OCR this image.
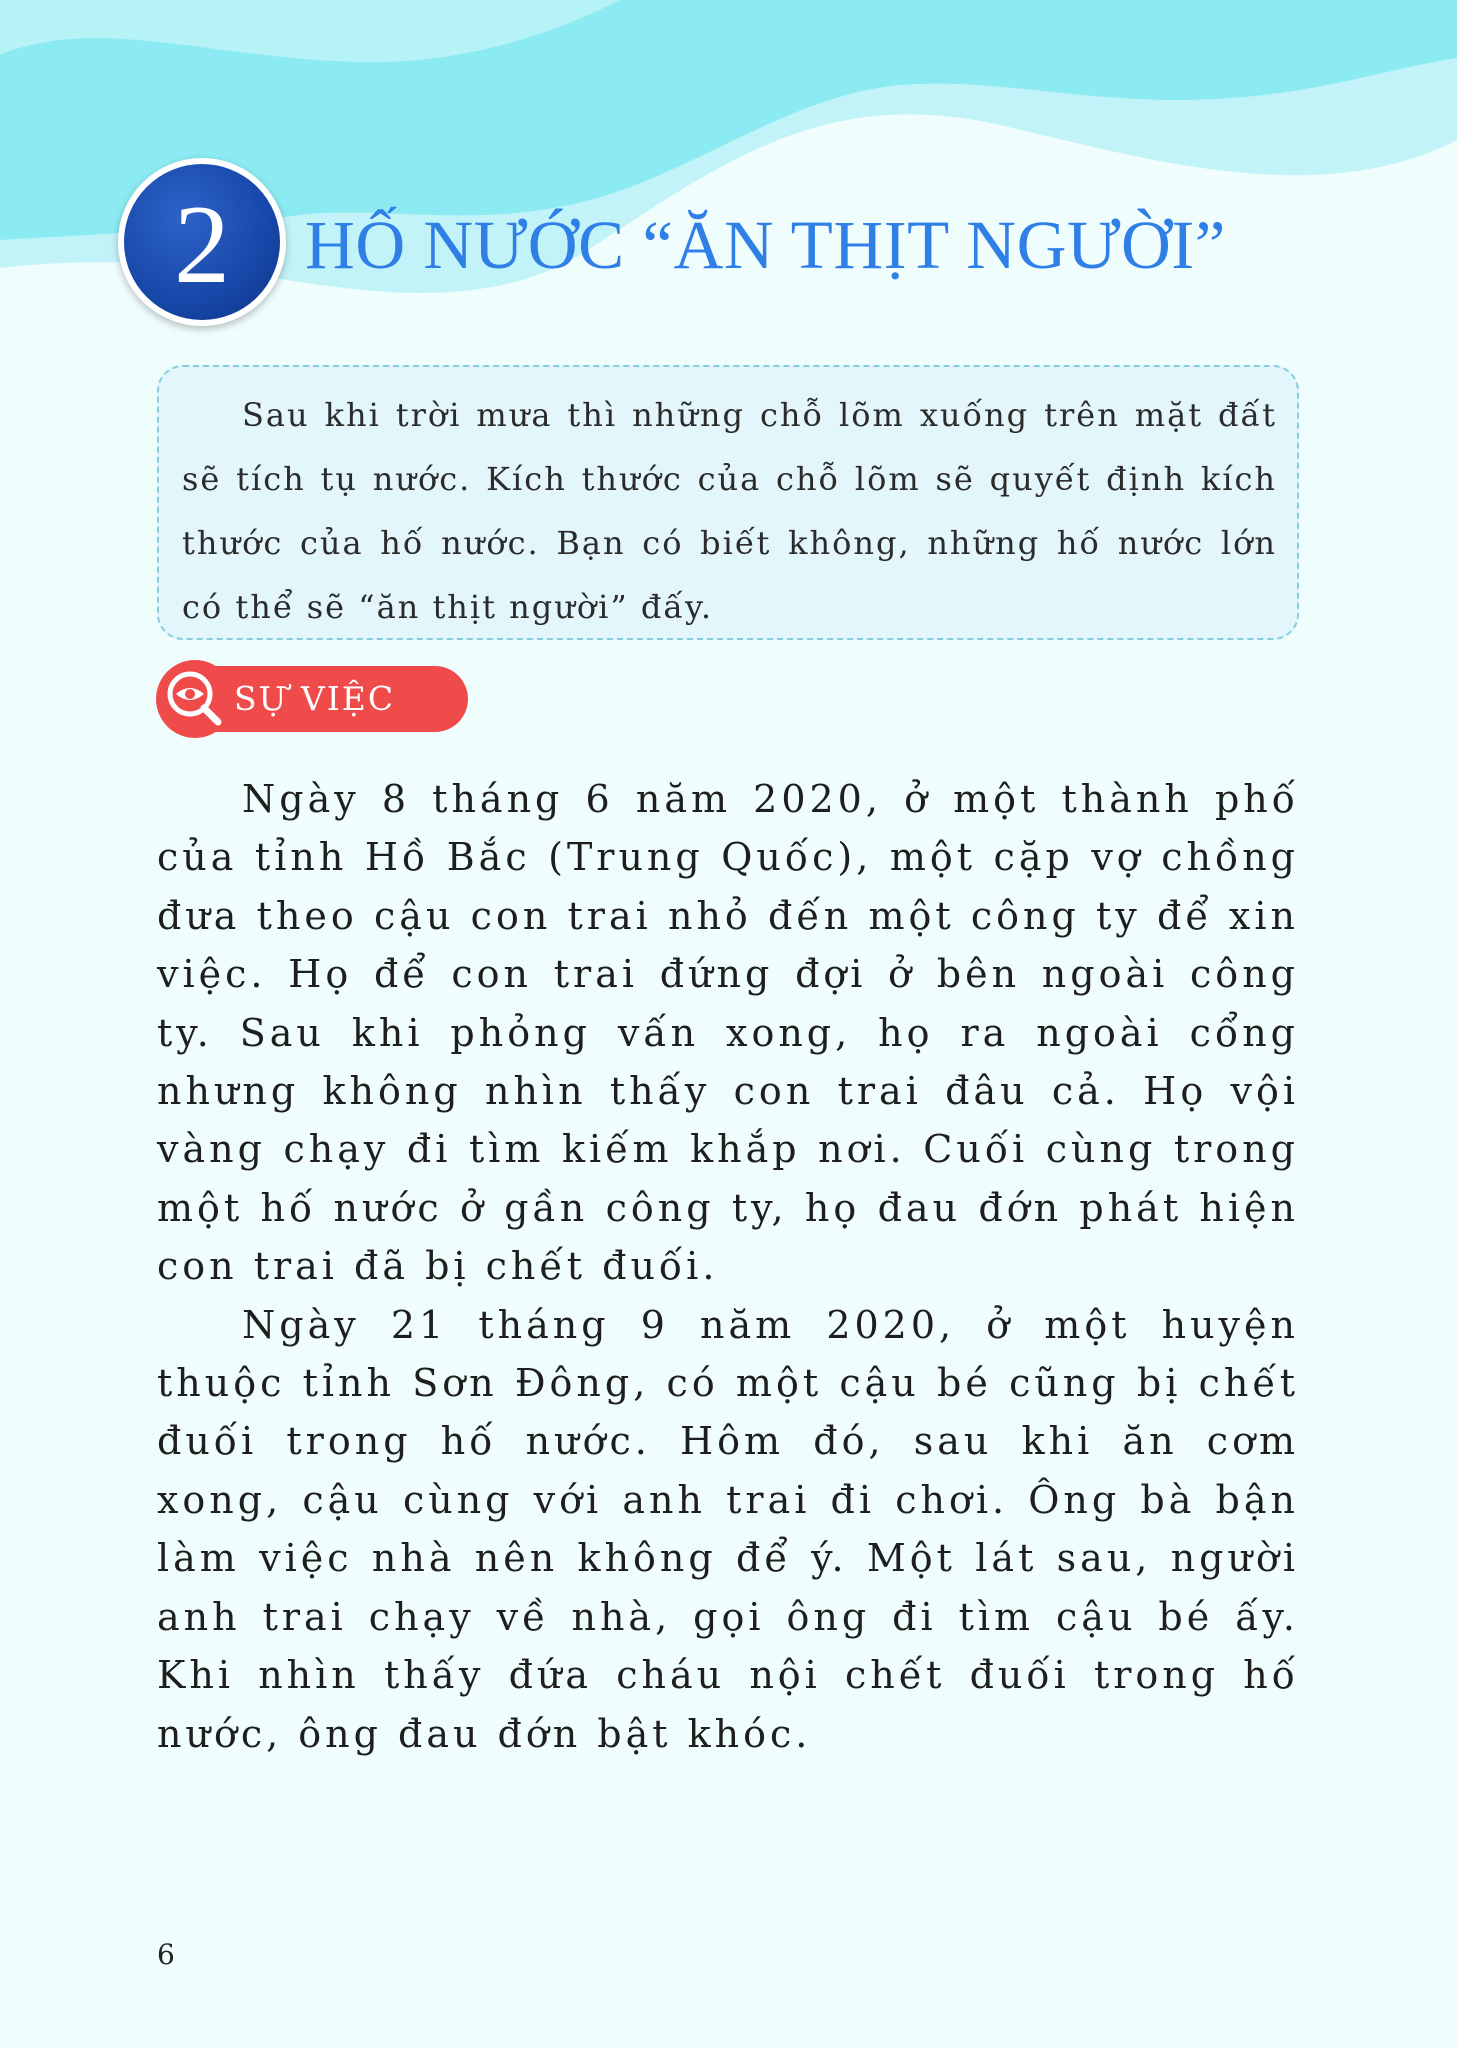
2 HỐ NƯỚC “ĂN THỊT NGƯỜI”

Sau khi trời mưa thì những chỗ lõm xuống trên mặt đất sẽ tích tụ nước. Kích thước của chỗ lõm sẽ quyết định kích thước của hố nước. Bạn có biết không, những hố nước lớn có thể sẽ “ăn thịt người” đấy.

SỰ VIỆC

Ngày 8 tháng 6 năm 2020, ở một thành phố của tỉnh Hồ Bắc (Trung Quốc), một cặp vợ chồng đưa theo cậu con trai nhỏ đến một công ty để xin việc. Họ để con trai đứng đợi ở bên ngoài công ty. Sau khi phỏng vấn xong, họ ra ngoài cổng nhưng không nhìn thấy con trai đâu cả. Họ vội vàng chạy đi tìm kiếm khắp nơi. Cuối cùng trong một hố nước ở gần công ty, họ đau đớn phát hiện con trai đã bị chết đuối.

Ngày 21 tháng 9 năm 2020, ở một huyện thuộc tỉnh Sơn Đông, có một cậu bé cũng bị chết đuối trong hố nước. Hôm đó, sau khi ăn cơm xong, cậu cùng với anh trai đi chơi. Ông bà bận làm việc nhà nên không để ý. Một lát sau, người anh trai chạy về nhà, gọi ông đi tìm cậu bé ấy. Khi nhìn thấy đứa cháu nội chết đuối trong hố nước, ông đau đớn bật khóc.

6
